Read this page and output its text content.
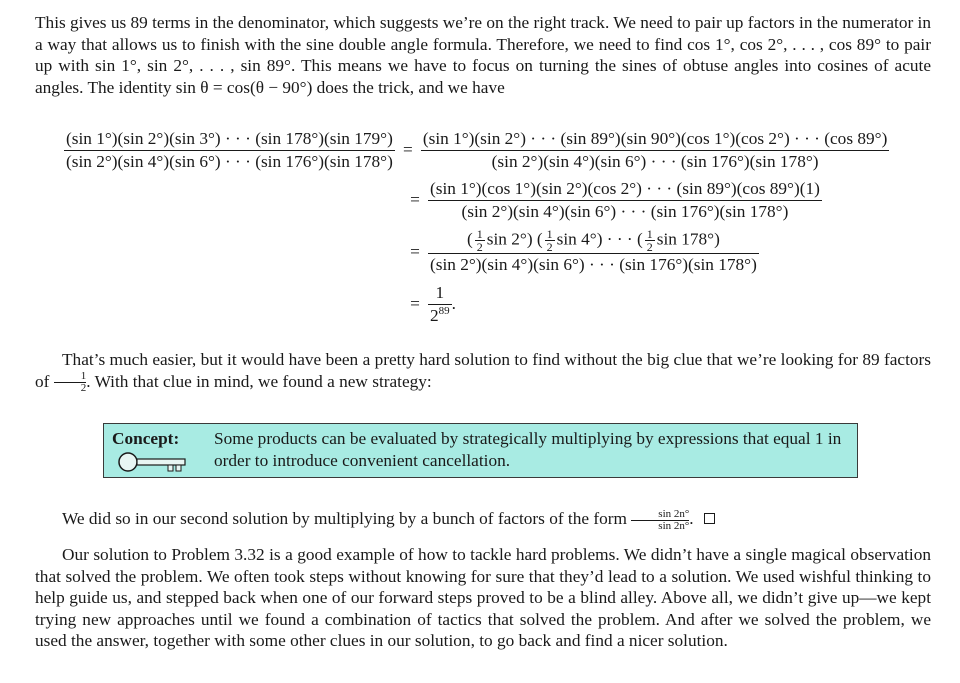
This gives us 89 terms in the denominator, which suggests we’re on the right track. We need to pair up factors in the numerator in a way that allows us to finish with the sine double angle formula. Therefore, we need to find cos 1°, cos 2°, . . . , cos 89° to pair up with sin 1°, sin 2°, . . . , sin 89°. This means we have to focus on turning the sines of obtuse angles into cosines of acute angles. The identity sin θ = cos(θ − 90°) does the trick, and we have

$\frac{(\sin 1^\circ)(\sin 2^\circ)(\sin 3^\circ) \cdot \cdot \cdot (\sin 178^\circ)(\sin 179^\circ)}{(\sin 2^\circ)(\sin 4^\circ)(\sin 6^\circ) \cdot \cdot \cdot (\sin 176^\circ)(\sin 178^\circ)}$ =
(sin 1°)(sin 2°) · · · (sin 89°)(sin 90°)(cos 1°)(cos 2°) · · · (cos 89°)
(sin 2°)(sin 4°)(sin 6°) · · · (sin 176°)(sin 178°)
= $\frac{(\sin 1^\circ)(\cos 1^\circ)(\sin 2^\circ)(\cos 2^\circ) \cdot \cdot \cdot (\sin 89^\circ)(\cos 89^\circ)(1)}{(\sin 2^\circ)(\sin 4^\circ)(\sin 6^\circ) \cdot \cdot \cdot (\sin 176^\circ)(\sin 178^\circ)}$
=
( $\frac{1}{2}$ sin 2°) ( $\frac{1}{2}$ sin 4°) · · · ( $\frac{1}{2}$ sin 178°)
(sin 2°)(sin 4°)(sin 6°) · · · (sin 176°)(sin 178°)
= $\frac{1}{2^{89}}$ .

That’s much easier, but it would have been a pretty hard solution to find without the big clue that we’re looking for 89 factors of $\frac{1}{2}$ . With that clue in mind, we found a new strategy:

Concept: Some products can be evaluated by strategically multiplying by expressions that equal 1 in order to introduce convenient cancellation.

We did so in our second solution by multiplying by a bunch of factors of the form $\frac{\sin 2n^\circ}{\sin 2n^\circ}$ .

Our solution to Problem 3.32 is a good example of how to tackle hard problems. We didn’t have a single magical observation that solved the problem. We often took steps without knowing for sure that they’d lead to a solution. We used wishful thinking to help guide us, and stepped back when one of our forward steps proved to be a blind alley. Above all, we didn’t give up—we kept trying new approaches until we found a combination of tactics that solved the problem. And after we solved the problem, we used the answer, together with some other clues in our solution, to go back and find a nicer solution.
